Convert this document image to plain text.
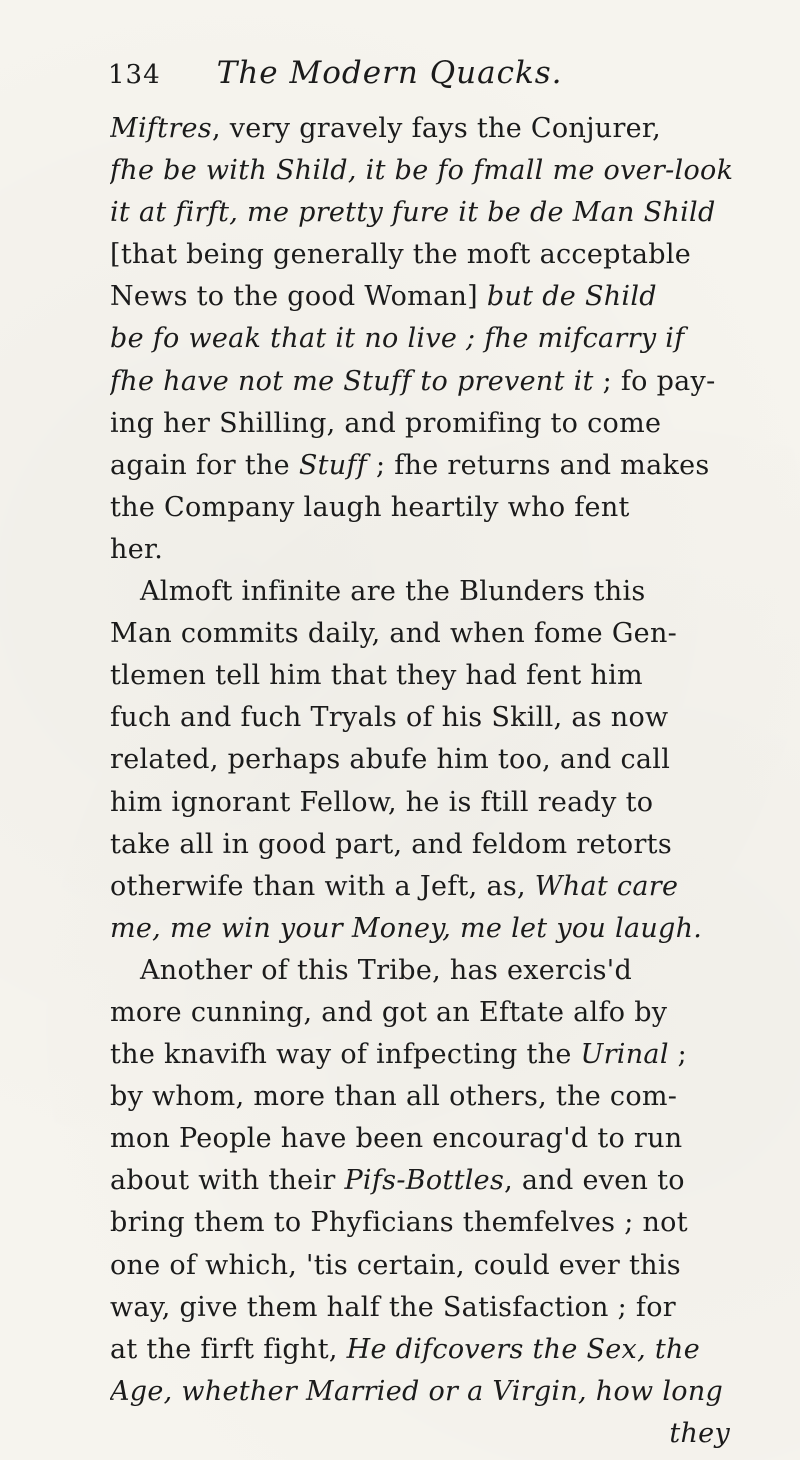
134 The Modern Quacks.
Miftres, very gravely fays the Conjurer,
fhe be with Shild, it be fo fmall me over-look
it at firft, me pretty fure it be de Man Shild
[that being generally the moft acceptable
News to the good Woman] but de Shild
be fo weak that it no live ; fhe mifcarry if
fhe have not me Stuff to prevent it ; fo pay-
ing her Shilling, and promifing to come
again for the Stuff ; fhe returns and makes
the Company laugh heartily who fent
her.
Almoft infinite are the Blunders this
Man commits daily, and when fome Gen-
tlemen tell him that they had fent him
fuch and fuch Tryals of his Skill, as now
related, perhaps abufe him too, and call
him ignorant Fellow, he is ftill ready to
take all in good part, and feldom retorts
otherwife than with a Jeft, as, What care
me, me win your Money, me let you laugh.
Another of this Tribe, has exercis'd
more cunning, and got an Eftate alfo by
the knavifh way of infpecting the Urinal ;
by whom, more than all others, the com-
mon People have been encourag'd to run
about with their Pifs-Bottles, and even to
bring them to Phyficians themfelves ; not
one of which, 'tis certain, could ever this
way, give them half the Satisfaction ; for
at the firft fight, He difcovers the Sex, the
Age, whether Married or a Virgin, how long
they
